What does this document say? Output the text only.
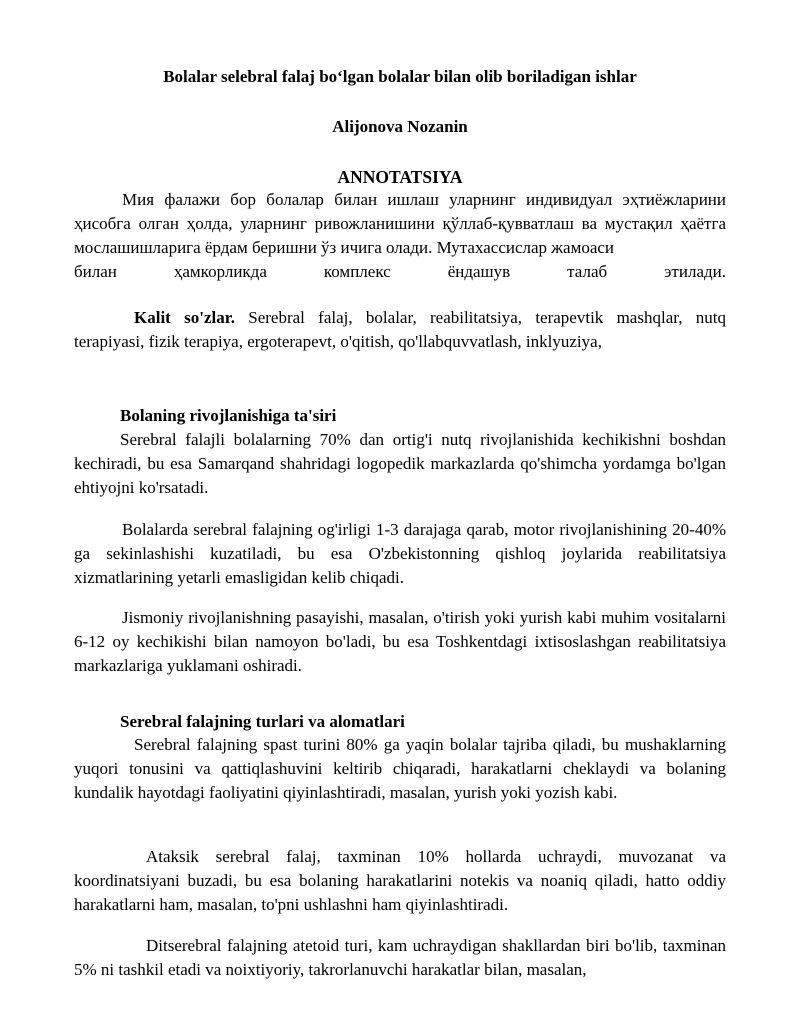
Bolalar selebral falaj bo‘lgan bolalar bilan olib boriladigan ishlar

Alijonova Nozanin

ANNOTATSIYA

Мия фалажи бор болалар билан ишлаш уларнинг индивидуал эҳтиёжларини ҳисобга олган ҳолда, уларнинг ривожланишини қўллаб-қувватлаш ва мустақил ҳаётга мослашишларига ёрдам беришни ўз ичига олади. Мутахассислар жамоаси

билан ҳамкорликда комплекс ёндашув талаб этилади.

Kalit so'zlar. Serebral falaj, bolalar, reabilitatsiya, terapevtik mashqlar, nutq terapiyasi, fizik terapiya, ergoterapevt, o'qitish, qo'llabquvvatlash, inklyuziya,

Bolaning rivojlanishiga ta'siri

Serebral falajli bolalarning 70% dan ortig'i nutq rivojlanishida kechikishni boshdan kechiradi, bu esa Samarqand shahridagi logopedik markazlarda qo'shimcha yordamga bo'lgan ehtiyojni ko'rsatadi.

Bolalarda serebral falajning og'irligi 1-3 darajaga qarab, motor rivojlanishining 20-40% ga sekinlashishi kuzatiladi, bu esa O'zbekistonning qishloq joylarida reabilitatsiya xizmatlarining yetarli emasligidan kelib chiqadi.

Jismoniy rivojlanishning pasayishi, masalan, o'tirish yoki yurish kabi muhim vositalarni 6-12 oy kechikishi bilan namoyon bo'ladi, bu esa Toshkentdagi ixtisoslashgan reabilitatsiya markazlariga yuklamani oshiradi.

Serebral falajning turlari va alomatlari

Serebral falajning spast turini 80% ga yaqin bolalar tajriba qiladi, bu mushaklarning yuqori tonusini va qattiqlashuvini keltirib chiqaradi, harakatlarni cheklaydi va bolaning kundalik hayotdagi faoliyatini qiyinlashtiradi, masalan, yurish yoki yozish kabi.

Ataksik serebral falaj, taxminan 10% hollarda uchraydi, muvozanat va koordinatsiyani buzadi, bu esa bolaning harakatlarini notekis va noaniq qiladi, hatto oddiy harakatlarni ham, masalan, to'pni ushlashni ham qiyinlashtiradi.

Ditserebral falajning atetoid turi, kam uchraydigan shakllardan biri bo'lib, taxminan 5% ni tashkil etadi va noixtiyoriy, takrorlanuvchi harakatlar bilan, masalan,
